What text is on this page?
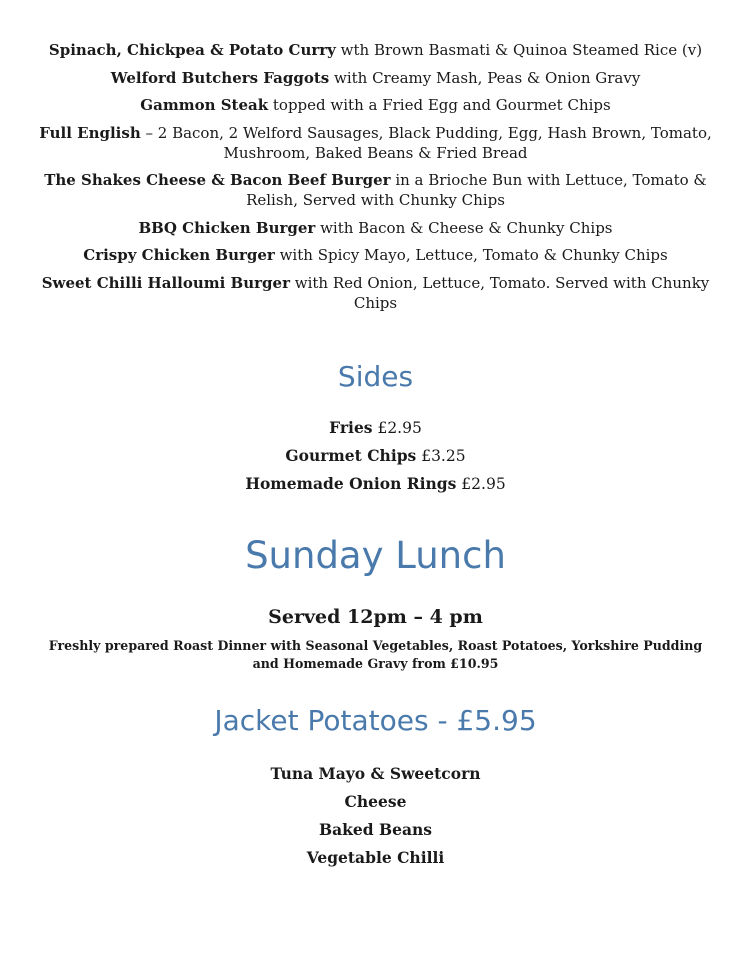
Spinach, Chickpea & Potato Curry wth Brown Basmati & Quinoa Steamed Rice (v)

Welford Butchers Faggots with Creamy Mash, Peas & Onion Gravy

Gammon Steak topped with a Fried Egg and Gourmet Chips

Full English – 2 Bacon, 2 Welford Sausages, Black Pudding, Egg, Hash Brown, Tomato, Mushroom, Baked Beans & Fried Bread

The Shakes Cheese & Bacon Beef Burger in a Brioche Bun with Lettuce, Tomato & Relish, Served with Chunky Chips

BBQ Chicken Burger with Bacon & Cheese & Chunky Chips

Crispy Chicken Burger with Spicy Mayo, Lettuce, Tomato & Chunky Chips

Sweet Chilli Halloumi Burger with Red Onion, Lettuce, Tomato. Served with Chunky Chips

Sides
Fries £2.95
Gourmet Chips £3.25
Homemade Onion Rings £2.95
Sunday Lunch
Served 12pm – 4 pm
Freshly prepared Roast Dinner with Seasonal Vegetables, Roast Potatoes, Yorkshire Pudding and Homemade Gravy from £10.95
Jacket Potatoes - £5.95
Tuna Mayo & Sweetcorn
Cheese
Baked Beans
Vegetable Chilli
